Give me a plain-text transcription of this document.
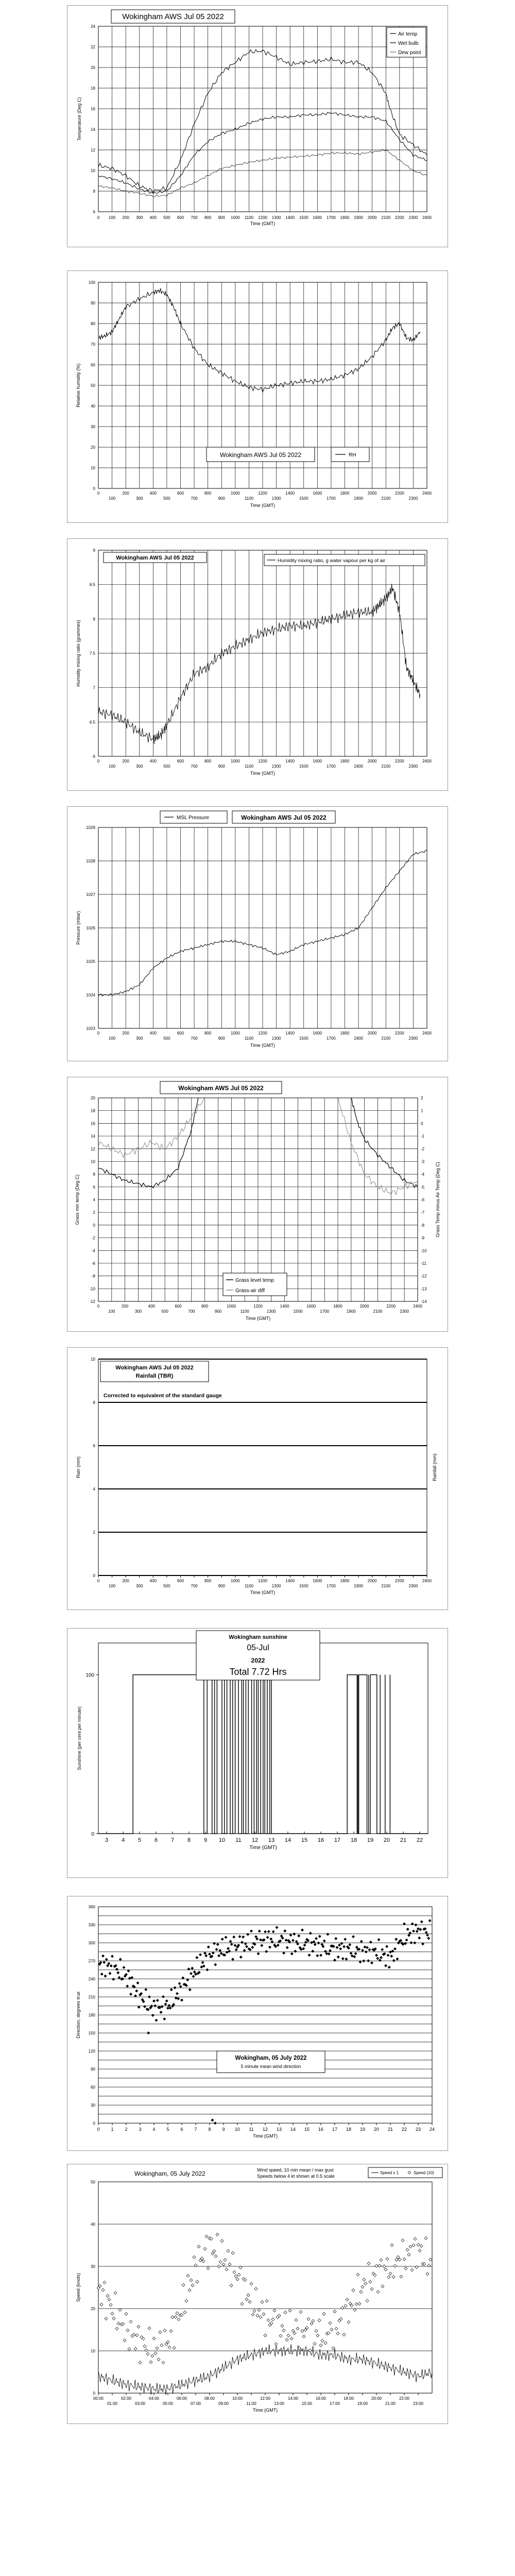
6
8
10
12
14
16
18
20
22
24
0 100 200 300 400 500 600 700 800 900 1000 1100 1200 1300 1400 1500 1600 1700 1800 1900 2000 2100 2200 2300 2400
Wokingham AWS Jul 05 2022
Air temp
Wet bulb
Dew point
Temperature (Deg C)
Time (GMT)
0
10
20
30
40
50
60
70
80
90
100
0	200	400	600	800	1000	1200	1400	1600	1800	2000	2200	2400
100	300	500	700	900	1100	1300	1500	1700	1900	2100	2300
Wokingham AWS Jul 05 2022	RH
Relative humidity (%)
Time (GMT)
6
6.5
7
7.5
8
8.5
9
0	200	400	600	800	1000	1200	1400	1600	1800	2000	2200	2400
100	300	500	700	900	1100	1300	1500	1700	1900	2100	2300
Wokingham AWS Jul 05 2022	Humidity mixing ratio, g water vapour per kg of air
Humidity mixing ratio (grammes)
Time (GMT)
1023
1024
1025
1026
1027
1028
1029
0	200	400	600	800	1000	1200	1400	1600	1800	2000	2200	2400
100	300	500	700	900	1100	1300	1500	1700	1900	2100	2300
MSL Pressure	Wokingham AWS Jul 05 2022
Pressure (mbar)
Time (GMT)
-12
-10
-8
-6
-4
-2
0
2
4
6
8
10
12
14
16
18
20
0	200	400	600	800	1000	1200	1400	1600	1800	2000	2200	2400
100	300	500	700	900	1100	1300	1500	1700	1900	2100	2300
-14
-13
-12
-11
-10
-9
-8
-7
-6
-5
-4
-3
-2
-1
0
1
2
Wokingham AWS Jul 05 2022
Grass level temp
Grass-air diff
Grass min temp (Deg C)	Grass Temp minus Air Temp (Deg C)
Time (GMT)
0
2
4
6
8
10
0	200	400	600	800	1000	1200	1400	1600	1800	2000	2200	2400
100	300	500	700	900	1100	1300	1500	1700	1900	2100	2300
Wokingham AWS Jul 05 2022
Rainfall (TBR)
Corrected to equivalent of the standard gauge
Rain (mm)	Rainfall (mm)
Time (GMT)
3 4 5 6 7 8 9 10 11 12 13 14 15 16 17 18 19 20 21 22
0
100
Wokingham sunshine
05-Jul
2022
Total 7.72 Hrs
Sunshine (per cent per minute)
Time (GMT)
0
30
60
90
120
150
180
210
240
270
300
330
360
0 1 2 3 4 5 6 7 8 9 10 11 12 13 14 15 16 17 18 19 20 21 22 23 24
Wokingham, 05 July 2022
5 minute mean wind direction
Direction, degrees true
Time (GMT)
0
10
20
30
40
50
00:00	02:00	04:00	06:00	08:00	10:00	12:00	14:00	16:00	18:00	20:00	22:00
01:00	03:00	05:00	07:00	09:00	11:00	13:00	15:00	17:00	19:00	21:00	23:00
Wokingham, 05 July 2022	Wind speed, 10 min mean / max gust
Speeds below 4 kt shown at 0.5 scale
Speed x 1	Speed (10)
Speed (knots)
Time (GMT)
